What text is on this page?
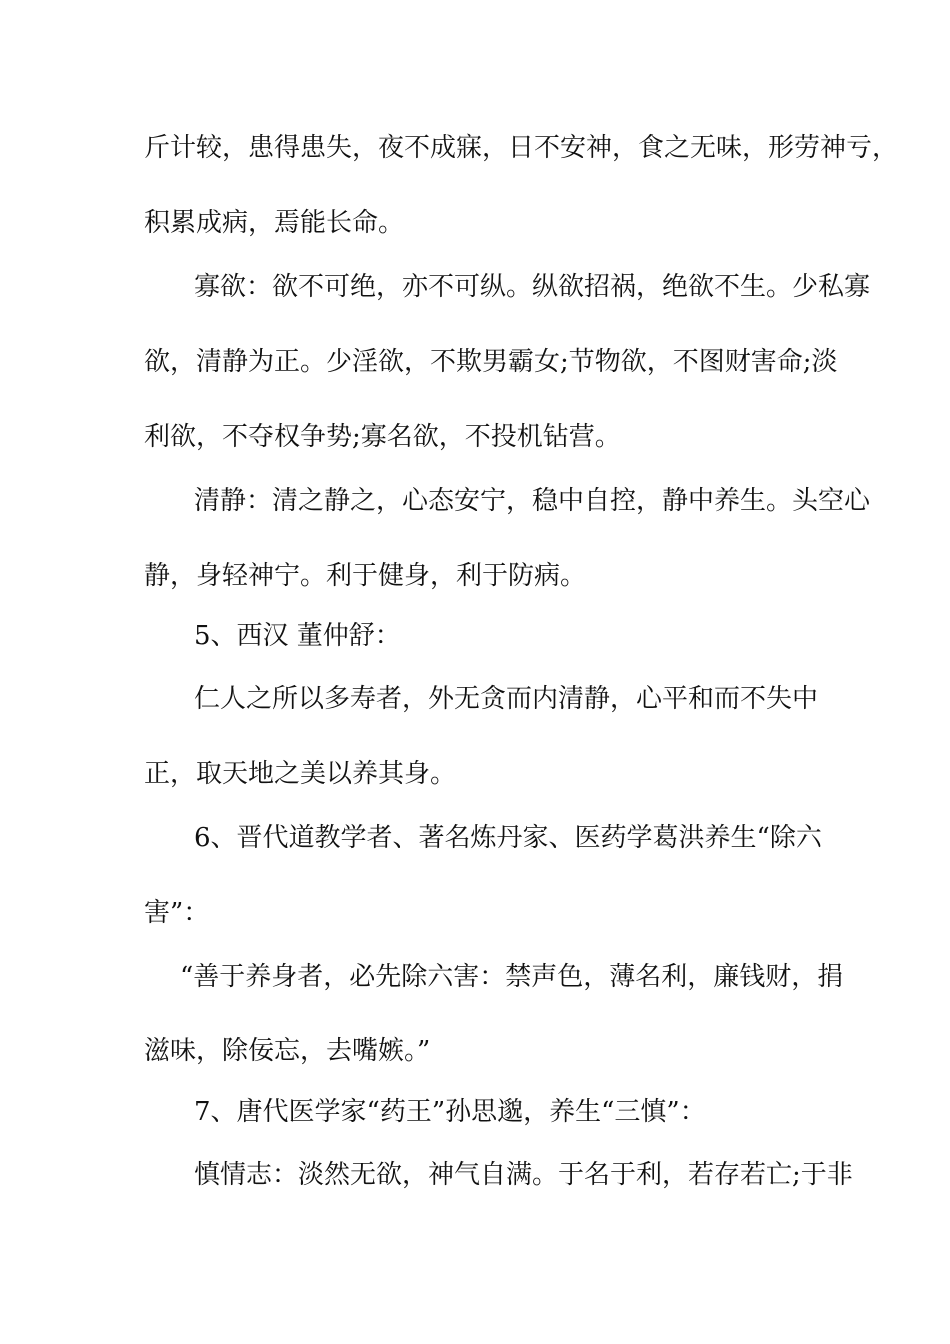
斤计较，患得患失，夜不成寐，日不安神，食之无味，形劳神亏，
积累成病，焉能长命。
寡欲：欲不可绝，亦不可纵。纵欲招祸，绝欲不生。少私寡
欲，清静为正。少淫欲，不欺男霸女;节物欲，不图财害命;淡
利欲，不夺权争势;寡名欲，不投机钻营。
清静：清之静之，心态安宁，稳中自控，静中养生。头空心
静，身轻神宁。利于健身，利于防病。
5、西汉 董仲舒：
仁人之所以多寿者，外无贪而内清静，心平和而不失中
正，取天地之美以养其身。
6、晋代道教学者、著名炼丹家、医药学葛洪养生“除六
害”：
“善于养身者，必先除六害：禁声色，薄名利，廉钱财，捐
滋味，除佞忘，去嘴嫉。”
7、唐代医学家“药王”孙思邈，养生“三慎”：
慎情志：淡然无欲，神气自满。于名于利，若存若亡;于非
